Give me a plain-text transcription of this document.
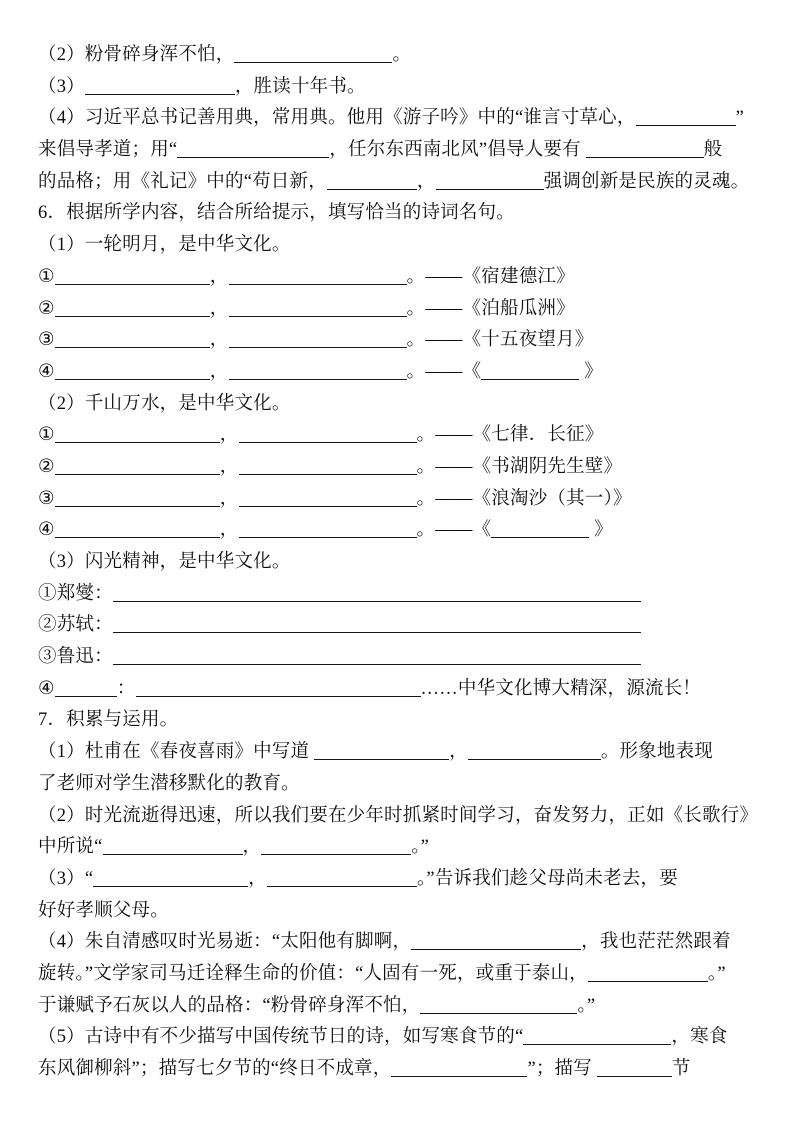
（2）粉骨碎身浑不怕，	。
（3）	，胜读十年书。
（4）习近平总书记善用典，常用典。他用《游子吟》中的“谁言寸草心，	”
来倡导孝道；用“	，任尔东西南北风”倡导人要有	般
的品格；用《礼记》中的“苟日新，	，	强调创新是民族的灵魂。
6．根据所学内容，结合所给提示，填写恰当的诗词名句。
（1）一轮明月，是中华文化。
①	，	。——《宿建德江》
②	，	。——《泊船瓜洲》
③	，	。——《十五夜望月》
④	，	。——《	》
（2）千山万水，是中华文化。
①	，	。——《七律．长征》
②	，	。——《书湖阴先生壁》
③	，	。——《浪淘沙（其一）》
④	，	。——《	》
（3）闪光精神，是中华文化。
①郑燮：
②苏轼：
③鲁迅：
④	：	……中华文化博大精深，源流长！
7．积累与运用。
（1）杜甫在《春夜喜雨》中写道	，	。形象地表现
了老师对学生潜移默化的教育。
（2）时光流逝得迅速，所以我们要在少年时抓紧时间学习，奋发努力，正如《长歌行》
中所说“	，	。”
（3）“	，	。”告诉我们趁父母尚未老去，要
好好孝顺父母。
（4）朱自清感叹时光易逝：“太阳他有脚啊，	，我也茫茫然跟着
旋转。”文学家司马迁诠释生命的价值：“人固有一死，或重于泰山，	。”
于谦赋予石灰以人的品格：“粉骨碎身浑不怕，	。”
（5）古诗中有不少描写中国传统节日的诗，如写寒食节的“	，寒食
东风御柳斜”；描写七夕节的“终日不成章，	”；描写	节
